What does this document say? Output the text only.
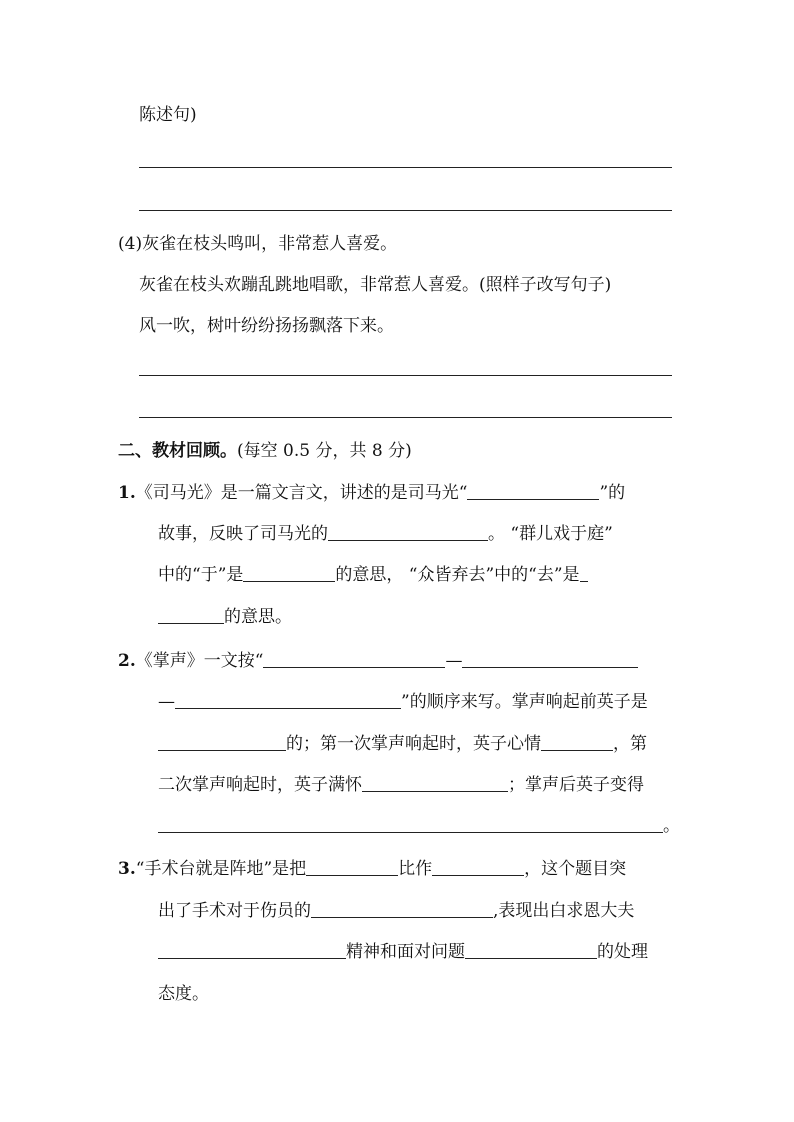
陈述句)
(4)灰雀在枝头鸣叫，非常惹人喜爱。
灰雀在枝头欢蹦乱跳地唱歌，非常惹人喜爱。(照样子改写句子)
风一吹，树叶纷纷扬扬飘落下来。
二、教材回顾。(每空 0.5 分，共 8 分)
1.《司马光》是一篇文言文，讲述的是司马光“	”的
故事，反映了司马光的	。 “群儿戏于庭”
中的“于”是	的意思， “众皆弃去”中的“去”是
的意思。
2.《掌声》一文按“	—
—	”的顺序来写。掌声响起前英子是
的；第一次掌声响起时，英子心情	，第
二次掌声响起时，英子满怀	；掌声后英子变得
。
3.“手术台就是阵地”是把	比作	，这个题目突
出了手术对于伤员的	,表现出白求恩大夫
精神和面对问题	的处理
态度。
